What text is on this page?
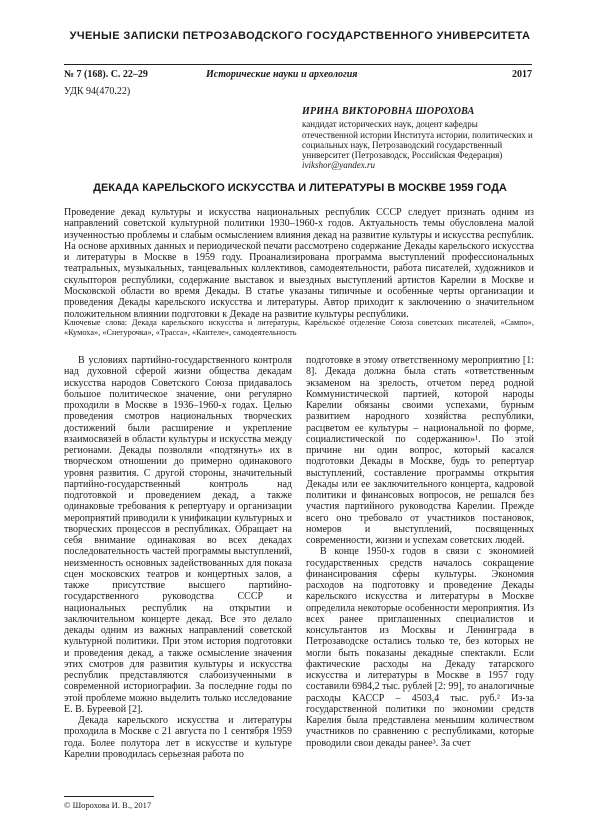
УЧЕНЫЕ ЗАПИСКИ ПЕТРОЗАВОДСКОГО ГОСУДАРСТВЕННОГО УНИВЕРСИТЕТА
№ 7 (168). С. 22–29	Исторические науки и археология	2017
УДК 94(470.22)
ИРИНА ВИКТОРОВНА ШОРОХОВА
кандидат исторических наук, доцент кафедры отечественной истории Института истории, политических и социальных наук, Петрозаводский государственный университет (Петрозаводск, Российская Федерация)
ivikshor@yandex.ru
ДЕКАДА КАРЕЛЬСКОГО ИСКУССТВА И ЛИТЕРАТУРЫ В МОСКВЕ 1959 ГОДА
Проведение декад культуры и искусства национальных республик СССР следует признать одним из направлений советской культурной политики 1930–1960-х годов. Актуальность темы обусловлена малой изученностью проблемы и слабым осмыслением влияния декад на развитие культуры и искусства республик. На основе архивных данных и периодической печати рассмотрено содержание Декады карельского искусства и литературы в Москве в 1959 году. Проанализирована программа выступлений профессиональных театральных, музыкальных, танцевальных коллективов, самодеятельности, работа писателей, художников и скульпторов республики, содержание выставок и выездных выступлений артистов Карелии в Москве и Московской области во время Декады. В статье указаны типичные и особенные черты организации и проведения Декады карельского искусства и литературы. Автор приходит к заключению о значительном положительном влиянии подготовки к Декаде на развитие культуры республики.
Ключевые слова: Декада карельского искусства и литературы, Карельское отделение Союза советских писателей, «Сампо», «Кумоха», «Снегурочка», «Трасса», «Кантеле», самодеятельность

В условиях партийно-государственного контроля над духовной сферой жизни общества декадам искусства народов Советского Союза придавалось большое политическое значение, они регулярно проходили в Москве в 1936–1960-х годах. Целью проведения смотров национальных творческих достижений были расширение и укрепление взаимосвязей в области культуры и искусства между регионами. Декады позволяли «подтянуть» их в творческом отношении до примерно одинакового уровня развития. С другой стороны, значительный партийно-государственный контроль над подготовкой и проведением декад, а также одинаковые требования к репертуару и организации мероприятий приводили к унификации культурных и творческих процессов в республиках. Обращает на себя внимание одинаковая во всех декадах последовательность частей программы выступлений, неизменность основных задействованных для показа сцен московских театров и концертных залов, а также присутствие высшего партийно-государственного руководства СССР и национальных республик на открытии и заключительном концерте декад. Все это делало декады одним из важных направлений советской культурной политики. При этом история подготовки и проведения декад, а также осмысление значения этих смотров для развития культуры и искусства республик представляются слабоизученными в современной историографии. За последние годы по этой проблеме можно выделить только исследование Е. В. Буреевой [2].

Декада карельского искусства и литературы проходила в Москве с 21 августа по 1 сентября 1959 года. Более полутора лет в искусстве и культуре Карелии проводилась серьезная работа по

подготовке в этому ответственному мероприятию [1: 8]. Декада должна была стать «ответственным экзаменом на зрелость, отчетом перед родной Коммунистической партией, которой народы Карелии обязаны своими успехами, бурным развитием народного хозяйства республики, расцветом ее культуры – национальной по форме, социалистической по содержанию»¹. По этой причине ни один вопрос, который касался подготовки Декады в Москве, будь то репертуар выступлений, составление программы открытия Декады или ее заключительного концерта, кадровой политики и финансовых вопросов, не решался без участия партийного руководства Карелии. Прежде всего оно требовало от участников постановок, номеров и выступлений, посвященных современности, жизни и успехам советских людей.

В конце 1950-х годов в связи с экономией государственных средств началось сокращение финансирования сферы культуры. Экономия расходов на подготовку и проведение Декады карельского искусства и литературы в Москве определила некоторые особенности мероприятия. Из всех ранее приглашенных специалистов и консультантов из Москвы и Ленинграда в Петрозаводске остались только те, без которых не могли быть показаны декадные спектакли. Если фактические расходы на Декаду татарского искусства и литературы в Москве в 1957 году составили 6984,2 тыс. рублей [2: 99], то аналогичные расходы КАССР – 4503,4 тыс. руб.² Из-за государственной политики по экономии средств Карелия была представлена меньшим количеством участников по сравнению с республиками, которые проводили свои декады ранее³. За счет

© Шорохова И. В., 2017
